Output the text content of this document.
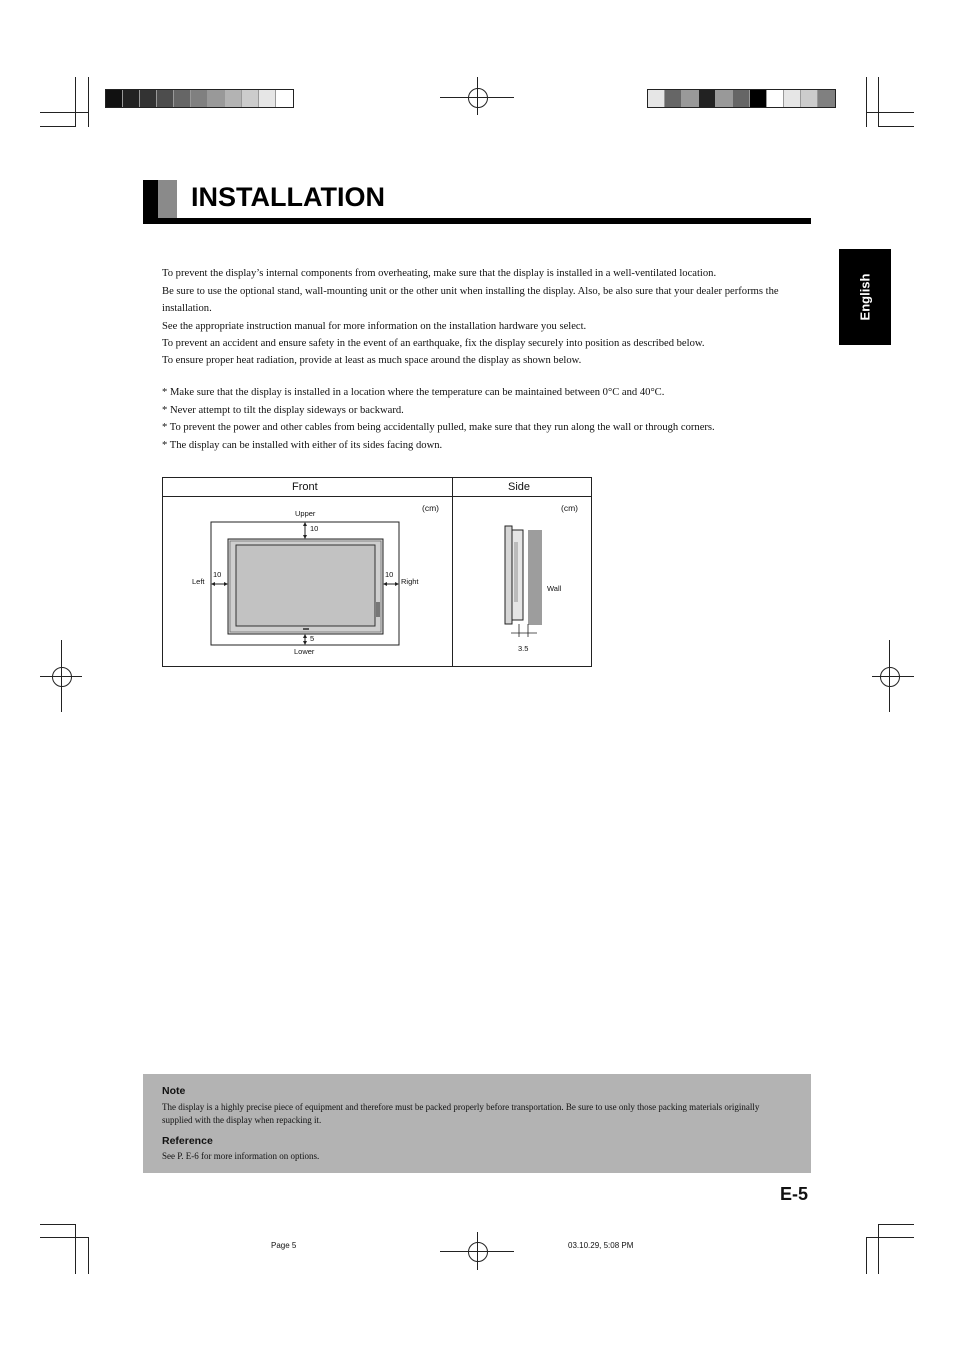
INSTALLATION
English

To prevent the display’s internal components from overheating, make sure that the display is installed in a well-ventilated location.

Be sure to use the optional stand, wall-mounting unit or the other unit when installing the display. Also, be also sure that your dealer performs the installation.

See the appropriate instruction manual for more information on the installation hardware you select.

To prevent an accident and ensure safety in the event of an earthquake, fix the display securely into position as described below.

To ensure proper heat radiation, provide at least as much space around the display as shown below.

* Make sure that the display is installed in a location where the temperature can be maintained between 0°C and 40°C.
* Never attempt to tilt the display sideways or backward.
* To prevent the power and other cables from being accidentally pulled, make sure that they run along the wall or through corners.
* The display can be installed with either of its sides facing down.
Front	Side
(cm)	(cm)
Upper
10
5
Lower
Left
10	10
Right
Wall
3.5
Note
The display is a highly precise piece of equipment and therefore must be packed properly before transportation. Be sure to use only those packing materials originally supplied with the display when repacking it.
Reference
See P. E-6 for more information on options.
E-5
Page 5	03.10.29, 5:08 PM
